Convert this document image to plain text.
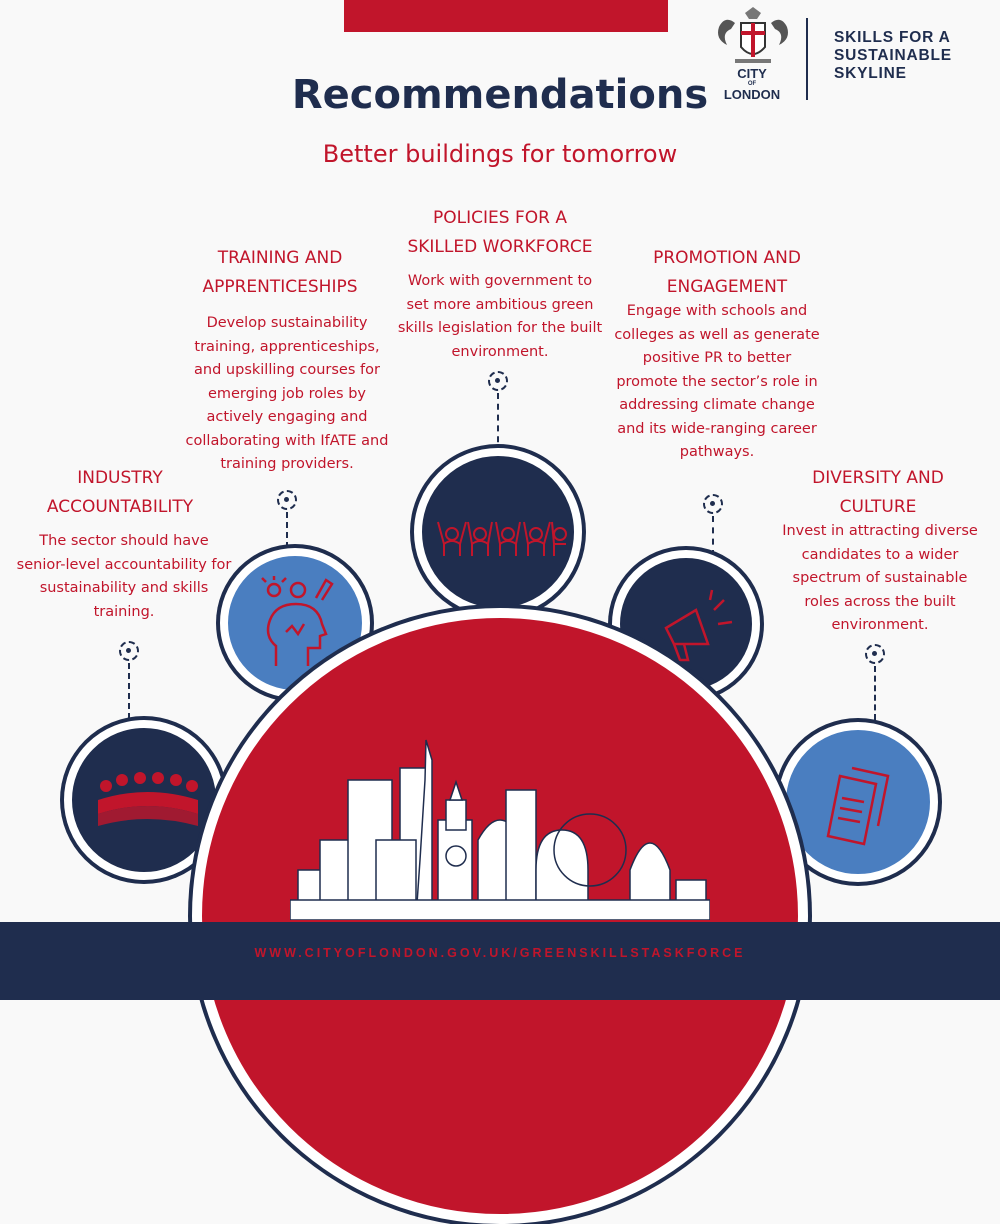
CITY
OF
LONDON
SKILLS FOR A
SUSTAINABLE
SKYLINE
Recommendations
Better buildings for tomorrow
POLICIES FOR A
SKILLED WORKFORCE
Work with government to set more ambitious green skills legislation for the built environment.
TRAINING AND
APPRENTICESHIPS
Develop sustainability training, apprenticeships, and upskilling courses for emerging job roles by actively engaging and collaborating with IfATE and training providers.
PROMOTION AND
ENGAGEMENT
Engage with schools and colleges as well as generate positive PR to better promote the sector’s role in addressing climate change and its wide-ranging career pathways.
INDUSTRY
ACCOUNTABILITY
The sector should have senior-level accountability for sustainability and skills training.
DIVERSITY AND
CULTURE
Invest in attracting diverse candidates to a wider spectrum of sustainable roles across the built environment.
WWW.CITYOFLONDON.GOV.UK/GREENSKILLSTASKFORCE
